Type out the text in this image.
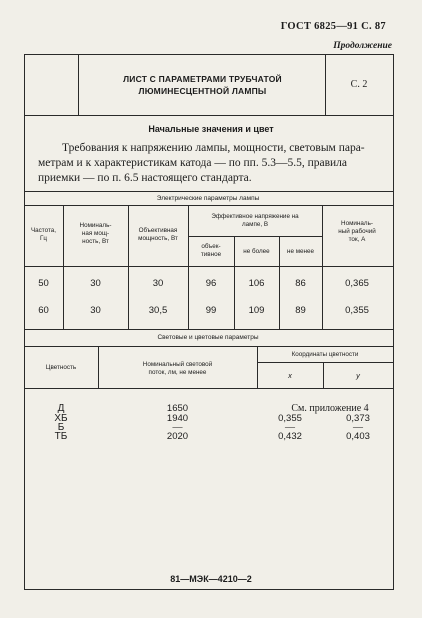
ГОСТ 6825—91 С. 87
Продолжение
ЛИСТ С ПАРАМЕТРАМИ ТРУБЧАТОЙ
ЛЮМИНЕСЦЕНТНОЙ ЛАМПЫ
С. 2
Начальные значения и цвет
Требования к напряжению лампы, мощности, световым пара-
метрам и к характеристикам катода — по пп. 5.3—5.5, правила
приемки — по п. 6.5 настоящего стандарта.
Электрические параметры лампы
Частота,
Гц
Номиналь-
ная мощ-
ность, Вт
Объективная
мощность, Вт
Эффективное напряжение на
лампе, В
объек-
тивное	не более	не менее
Номиналь-
ный рабочий
ток, А
50	30	30	96	106	86	0,365
60	30	30,5	99	109	89	0,355
Световые и цветовые параметры
Цветность	Номинальный световой
поток, лм, не менее
Координаты цветности
x	y
Д	1650	См. приложение 4
ХБ	1940	0,355	0,373
Б	—	—	—
ТБ	2020	0,432	0,403
81—МЭК—4210—2
